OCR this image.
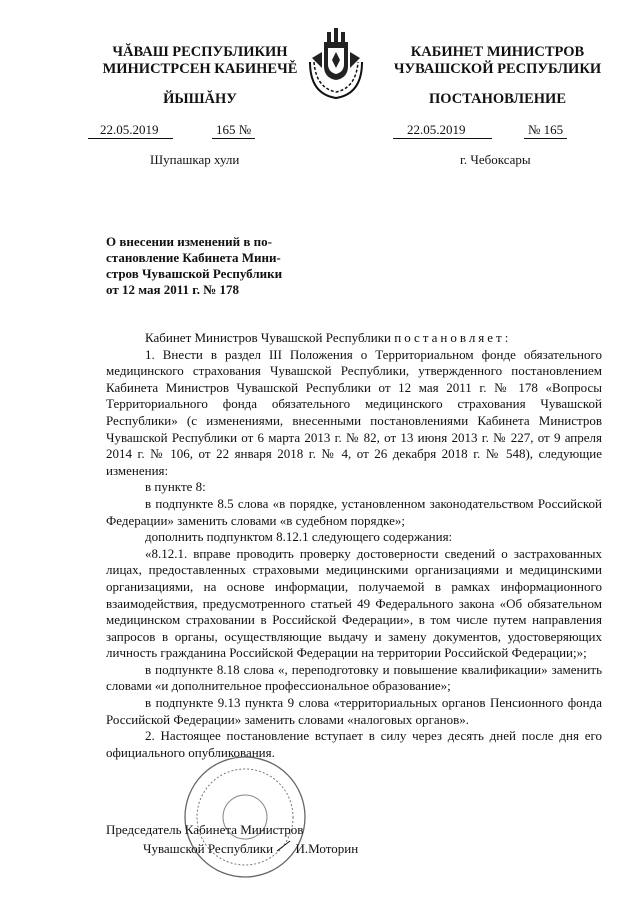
ЧĂВАШ РЕСПУБЛИКИН
МИНИСТРСЕН КАБИНЕЧĚ
ЙЫШĂНУ
КАБИНЕТ МИНИСТРОВ
ЧУВАШСКОЙ РЕСПУБЛИКИ
ПОСТАНОВЛЕНИЕ
22.05.2019	165 №	22.05.2019	№ 165
Шупашкар хули	г. Чебоксары
О внесении изменений в по-
становление Кабинета Мини-
стров Чувашской Республики
от 12 мая 2011 г. № 178

Кабинет Министров Чувашской Республики постановляет:

1. Внести в раздел III Положения о Территориальном фонде обязательного медицинского страхования Чувашской Республики, утвержденного постановлением Кабинета Министров Чувашской Республики от 12 мая 2011 г. № 178 «Вопросы Территориального фонда обязательного медицинского страхования Чувашской Республики» (с изменениями, внесенными постановлениями Кабинета Министров Чувашской Республики от 6 марта 2013 г. № 82, от 13 июня 2013 г. № 227, от 9 апреля 2014 г. № 106, от 22 января 2018 г. № 4, от 26 декабря 2018 г. № 548), следующие изменения:

в пункте 8:

в подпункте 8.5 слова «в порядке, установленном законодательством Российской Федерации» заменить словами «в судебном порядке»;

дополнить подпунктом 8.12.1 следующего содержания:

«8.12.1. вправе проводить проверку достоверности сведений о застрахованных лицах, предоставленных страховыми медицинскими организациями и медицинскими организациями, на основе информации, получаемой в рамках информационного взаимодействия, предусмотренного статьей 49 Федерального закона «Об обязательном медицинском страховании в Российской Федерации», в том числе путем направления запросов в органы, осуществляющие выдачу и замену документов, удостоверяющих личность гражданина Российской Федерации на территории Российской Федерации;»;

в подпункте 8.18 слова «, переподготовку и повышение квалификации» заменить словами «и дополнительное профессиональное образование»;

в подпункте 9.13 пункта 9 слова «территориальных органов Пенсионного фонда Российской Федерации» заменить словами «налоговых органов».

2. Настоящее постановление вступает в силу через десять дней после дня его официального опубликования.

Председатель Кабинета Министров
Чувашской Республики И.Моторин
